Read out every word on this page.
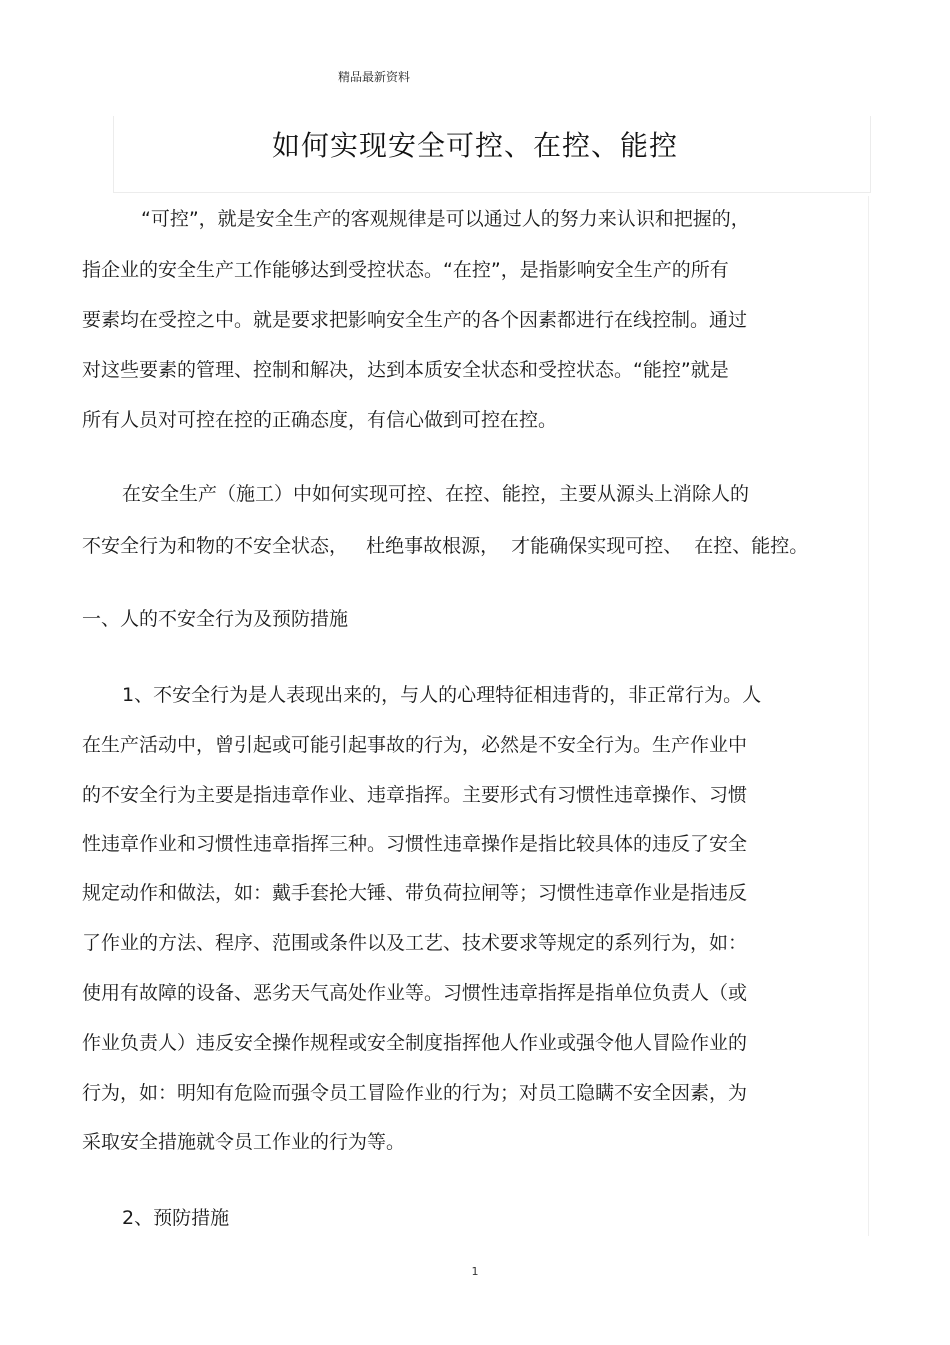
精品最新资料
如何实现安全可控、在控、能控
“可控”，就是安全生产的客观规律是可以通过人的努力来认识和把握的，
指企业的安全生产工作能够达到受控状态。“在控”，是指影响安全生产的所有
要素均在受控之中。就是要求把影响安全生产的各个因素都进行在线控制。通过
对这些要素的管理、控制和解决，达到本质安全状态和受控状态。“能控”就是
所有人员对可控在控的正确态度，有信心做到可控在控。
在安全生产（施工）中如何实现可控、在控、能控，主要从源头上消除人的
不安全行为和物的不安全状态，   杜绝事故根源，  才能确保实现可控、  在控、能控。
一、人的不安全行为及预防措施
1、不安全行为是人表现出来的，与人的心理特征相违背的，非正常行为。人
在生产活动中，曾引起或可能引起事故的行为，必然是不安全行为。生产作业中
的不安全行为主要是指违章作业、违章指挥。主要形式有习惯性违章操作、习惯
性违章作业和习惯性违章指挥三种。习惯性违章操作是指比较具体的违反了安全
规定动作和做法，如：戴手套抡大锤、带负荷拉闸等；习惯性违章作业是指违反
了作业的方法、程序、范围或条件以及工艺、技术要求等规定的系列行为，如：
使用有故障的设备、恶劣天气高处作业等。习惯性违章指挥是指单位负责人（或
作业负责人）违反安全操作规程或安全制度指挥他人作业或强令他人冒险作业的
行为，如：明知有危险而强令员工冒险作业的行为；对员工隐瞒不安全因素，为
采取安全措施就令员工作业的行为等。
2、预防措施
1
